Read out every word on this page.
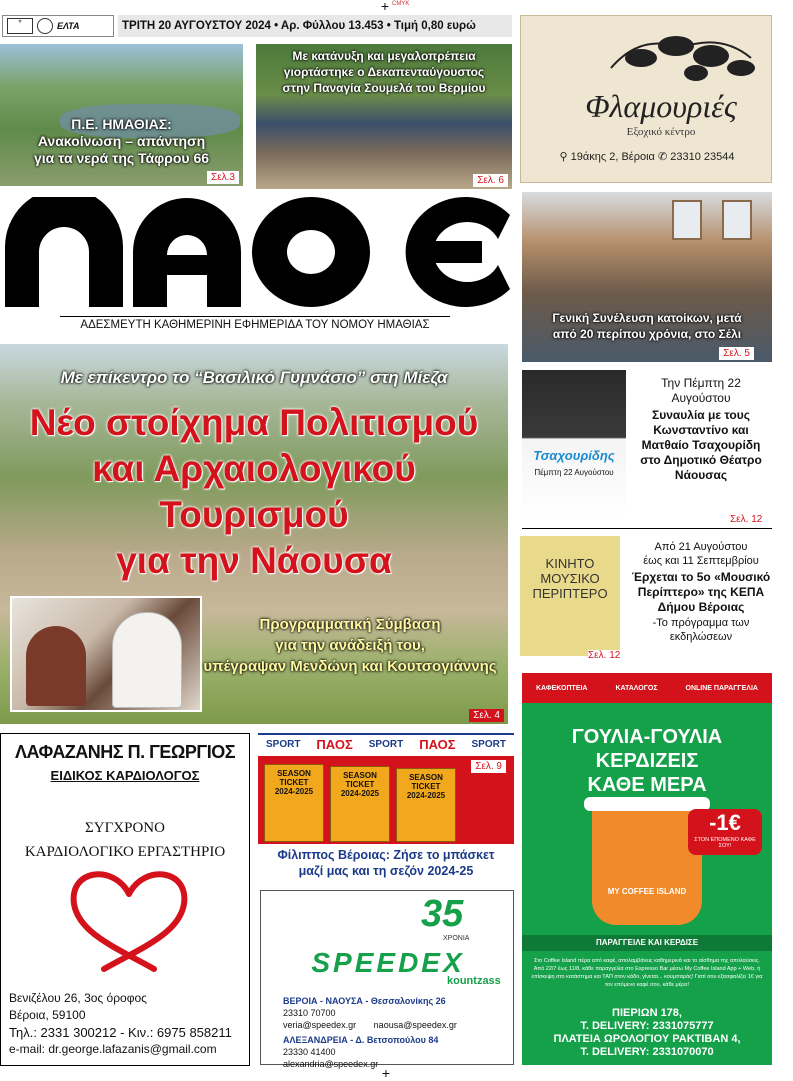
+ CMYK
+
⚜	ΕΛΤΑ	ΤΡΙΤΗ 20 ΑΥΓΟΥΣΤΟΥ 2024 • Αρ. Φύλλου 13.453 • Τιμή 0,80 ευρώ
Π.Ε. ΗΜΑΘΙΑΣ:
Ανακοίνωση – απάντηση
για τα νερά της Τάφρου 66
Σελ.3
Με κατάνυξη και μεγαλοπρέπεια
γιορτάστηκε ο Δεκαπενταύγουστος
στην Παναγία Σουμελά του Βερμίου
Σελ. 6
Φλαμουριές
Εξοχικό κέντρο
⚲ 19άκης 2, Βέροια ✆ 23310 23544
ΑΔΕΣΜΕΥΤΗ ΚΑΘΗΜΕΡΙΝΗ ΕΦΗΜΕΡΙΔΑ ΤΟΥ ΝΟΜΟΥ ΗΜΑΘΙΑΣ	Γενική Συνέλευση κατοίκων, μετά
από 20 περίπου χρόνια, στο Σέλι
Σελ. 5
Με επίκεντρο το “Βασιλικό Γυμνάσιο” στη Μίεζα
Νέο στοίχημα Πολιτισμού
και Αρχαιολογικού Τουρισμού
για την Νάουσα
Προγραμματική Σύμβαση
για την ανάδειξή του,
υπέγραψαν Μενδώνη και Κουτσογιάννης
Σελ. 4
Τσαχουρίδης
Πέμπτη 22 Αυγούστου
Την Πέμπτη 22
Αυγούστου
Συναυλία με τους Κωνσταντίνο και Ματθαίο Τσαχουρίδη στο Δημοτικό Θέατρο Νάουσας
Σελ. 12
ΚΙΝΗΤΟ
ΜΟΥΣΙΚΟ
ΠΕΡΙΠΤΕΡΟ
Σελ. 12
Από 21 Αυγούστου
έως και 11 Σεπτεμβρίου
Έρχεται το 5ο «Μουσικό Περίπτερο» της ΚΕΠΑ Δήμου Βέροιας
-Το πρόγραμμα των εκδηλώσεων
ΛΑΦΑΖΑΝΗΣ Π. ΓΕΩΡΓΙΟΣ
ΕΙΔΙΚΟΣ ΚΑΡΔΙΟΛΟΓΟΣ
ΣΥΓΧΡΟΝΟ
ΚΑΡΔΙΟΛΟΓΙΚΟ ΕΡΓΑΣΤΗΡΙΟ
Βενιζέλου 26, 3ος όροφος
Βέροια, 59100
Τηλ.: 2331 300212 - Κιν.: 6975 858211
e-mail: dr.george.lafazanis@gmail.com
SPORT ΠΑΟΣ SPORT ΠΑΟΣ SPORT
SEASON TICKET
2024-2025
SEASON TICKET
2024-2025
SEASON TICKET
2024-2025
Σελ. 9
Φίλιππος Βέροιας: Ζήσε το μπάσκετ
μαζί μας και τη σεζόν 2024-25
35
ΧΡΟΝΙΑ
SPEEDEX
kountzass
ΒΕΡΟΙΑ - ΝΑΟΥΣΑ - Θεσσαλονίκης 26
23310 70700
veria@speedex.gr       naousa@speedex.gr
ΑΛΕΞΑΝΔΡΕΙΑ - Δ. Βετσοπούλου 84
23330 41400
alexandria@speedex.gr
ΚΑΦΕΚΟΠΤΕΙΑ	ΚΑΤΑΛΟΓΟΣ	ONLINE ΠΑΡΑΓΓΕΛΙΑ
ΓΟΥΛΙΑ-ΓΟΥΛΙΑ
ΚΕΡΔΙΖΕΙΣ
ΚΑΘΕ ΜΕΡΑ
-1€
ΣΤΟΝ ΕΠΟΜΕΝΟ ΚΑΦΕ ΣΟΥ!
MY COFFEE ISLAND
ΠΑΡΑΓΓΕΙΛΕ ΚΑΙ ΚΕΡΔΙΣΕ
Στο Coffee Island πέρα από καφέ, απολαμβάνεις καθημερινά και το αίσθημα της απολαύσεις. Από 22/7 έως 11/8, κάθε παραγγελία στο Espresso Bar μέσω My Coffee Island App + Web, ή επίσκεψη στο κατάστημα και ΤΑΠ στον κάδο, γίνεται... κουμπαράς! Γιατί σου εξασφαλίζει 1€ για τον επόμενο καφέ σου, κάθε μέρα!
ΠΙΕΡΙΩΝ 178,
Τ. DELIVERY: 2331075777
ΠΛΑΤΕΙΑ ΩΡΟΛΟΓΙΟΥ ΡΑΚΤΙΒΑΝ 4,
Τ. DELIVERY: 2331070070
